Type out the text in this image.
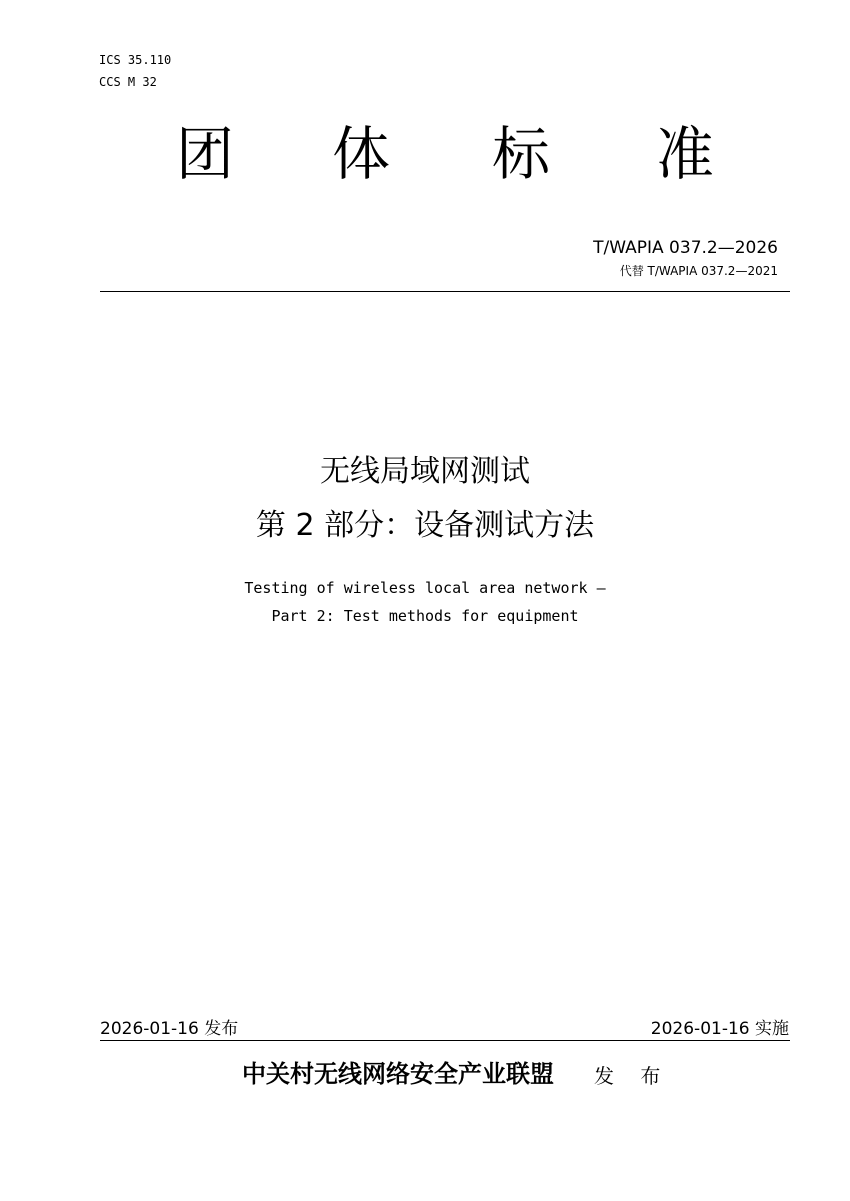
ICS 35.110
CCS M 32
团 体 标 准
T/WAPIA 037.2—2026
代替 T/WAPIA 037.2—2021
无线局域网测试
第 2 部分：设备测试方法
Testing of wireless local area network —
Part 2: Test methods for equipment
2026-01-16 发布	2026-01-16 实施
中关村无线网络安全产业联盟 发 布
